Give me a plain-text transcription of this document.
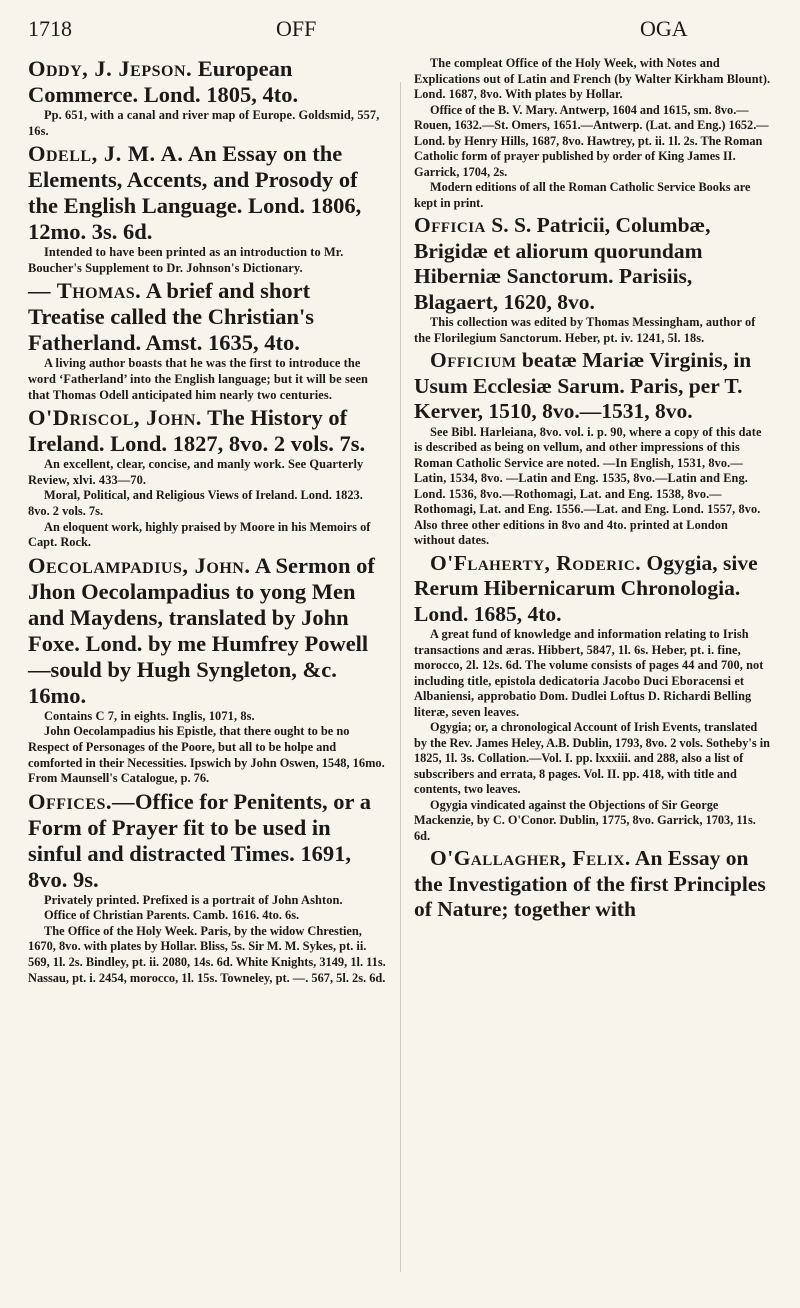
1718	OFF	OGA

Oddy, J. Jepson. European Commerce. Lond. 1805, 4to.

Pp. 651, with a canal and river map of Europe. Goldsmid, 557, 16s.

Odell, J. M. A. An Essay on the Elements, Accents, and Prosody of the English Language. Lond. 1806, 12mo. 3s. 6d.

Intended to have been printed as an introduction to Mr. Boucher's Supplement to Dr. Johnson's Dictionary.

— Thomas. A brief and short Treatise called the Christian's Fatherland. Amst. 1635, 4to.

A living author boasts that he was the first to introduce the word ‘Fatherland’ into the English language; but it will be seen that Thomas Odell anticipated him nearly two centuries.

O'Driscol, John. The History of Ireland. Lond. 1827, 8vo. 2 vols. 7s.

An excellent, clear, concise, and manly work. See Quarterly Review, xlvi. 433—70.

Moral, Political, and Religious Views of Ireland. Lond. 1823. 8vo. 2 vols. 7s.

An eloquent work, highly praised by Moore in his Memoirs of Capt. Rock.

Oecolampadius, John. A Sermon of Jhon Oecolampadius to yong Men and Maydens, translated by John Foxe. Lond. by me Humfrey Powell—sould by Hugh Syngleton, &c. 16mo.

Contains C 7, in eights. Inglis, 1071, 8s.

John Oecolampadius his Epistle, that there ought to be no Respect of Personages of the Poore, but all to be holpe and comforted in their Necessities. Ipswich by John Oswen, 1548, 16mo. From Maunsell's Catalogue, p. 76.

Offices.—Office for Penitents, or a Form of Prayer fit to be used in sinful and distracted Times. 1691, 8vo. 9s.

Privately printed. Prefixed is a portrait of John Ashton.

Office of Christian Parents. Camb. 1616. 4to. 6s.

The Office of the Holy Week. Paris, by the widow Chrestien, 1670, 8vo. with plates by Hollar. Bliss, 5s. Sir M. M. Sykes, pt. ii. 569, 1l. 2s. Bindley, pt. ii. 2080, 14s. 6d. White Knights, 3149, 1l. 11s. Nassau, pt. i. 2454, morocco, 1l. 15s. Towneley, pt. —. 567, 5l. 2s. 6d.

The compleat Office of the Holy Week, with Notes and Explications out of Latin and French (by Walter Kirkham Blount). Lond. 1687, 8vo. With plates by Hollar.

Office of the B. V. Mary. Antwerp, 1604 and 1615, sm. 8vo.—Rouen, 1632.—St. Omers, 1651.—Antwerp. (Lat. and Eng.) 1652.—Lond. by Henry Hills, 1687, 8vo. Hawtrey, pt. ii. 1l. 2s. The Roman Catholic form of prayer published by order of King James II. Garrick, 1704, 2s.

Modern editions of all the Roman Catholic Service Books are kept in print.

Officia S. S. Patricii, Columbæ, Brigidæ et aliorum quorundam Hiberniæ Sanctorum. Parisiis, Blagaert, 1620, 8vo.

This collection was edited by Thomas Messingham, author of the Florilegium Sanctorum. Heber, pt. iv. 1241, 5l. 18s.

Officium beatæ Mariæ Virginis, in Usum Ecclesiæ Sarum. Paris, per T. Kerver, 1510, 8vo.—1531, 8vo.

See Bibl. Harleiana, 8vo. vol. i. p. 90, where a copy of this date is described as being on vellum, and other impressions of this Roman Catholic Service are noted. —In English, 1531, 8vo.—Latin, 1534, 8vo. —Latin and Eng. 1535, 8vo.—Latin and Eng. Lond. 1536, 8vo.—Rothomagi, Lat. and Eng. 1538, 8vo.—Rothomagi, Lat. and Eng. 1556.—Lat. and Eng. Lond. 1557, 8vo. Also three other editions in 8vo and 4to. printed at London without dates.

O'Flaherty, Roderic. Ogygia, sive Rerum Hibernicarum Chronologia. Lond. 1685, 4to.

A great fund of knowledge and information relating to Irish transactions and æras. Hibbert, 5847, 1l. 6s. Heber, pt. i. fine, morocco, 2l. 12s. 6d. The volume consists of pages 44 and 700, not including title, epistola dedicatoria Jacobo Duci Eboracensi et Albaniensi, approbatio Dom. Dudlei Loftus D. Richardi Belling literæ, seven leaves.

Ogygia; or, a chronological Account of Irish Events, translated by the Rev. James Heley, A.B. Dublin, 1793, 8vo. 2 vols. Sotheby's in 1825, 1l. 3s. Collation.—Vol. I. pp. lxxxiii. and 288, also a list of subscribers and errata, 8 pages. Vol. II. pp. 418, with title and contents, two leaves.

Ogygia vindicated against the Objections of Sir George Mackenzie, by C. O'Conor. Dublin, 1775, 8vo. Garrick, 1703, 11s. 6d.

O'Gallagher, Felix. An Essay on the Investigation of the first Principles of Nature; together with
